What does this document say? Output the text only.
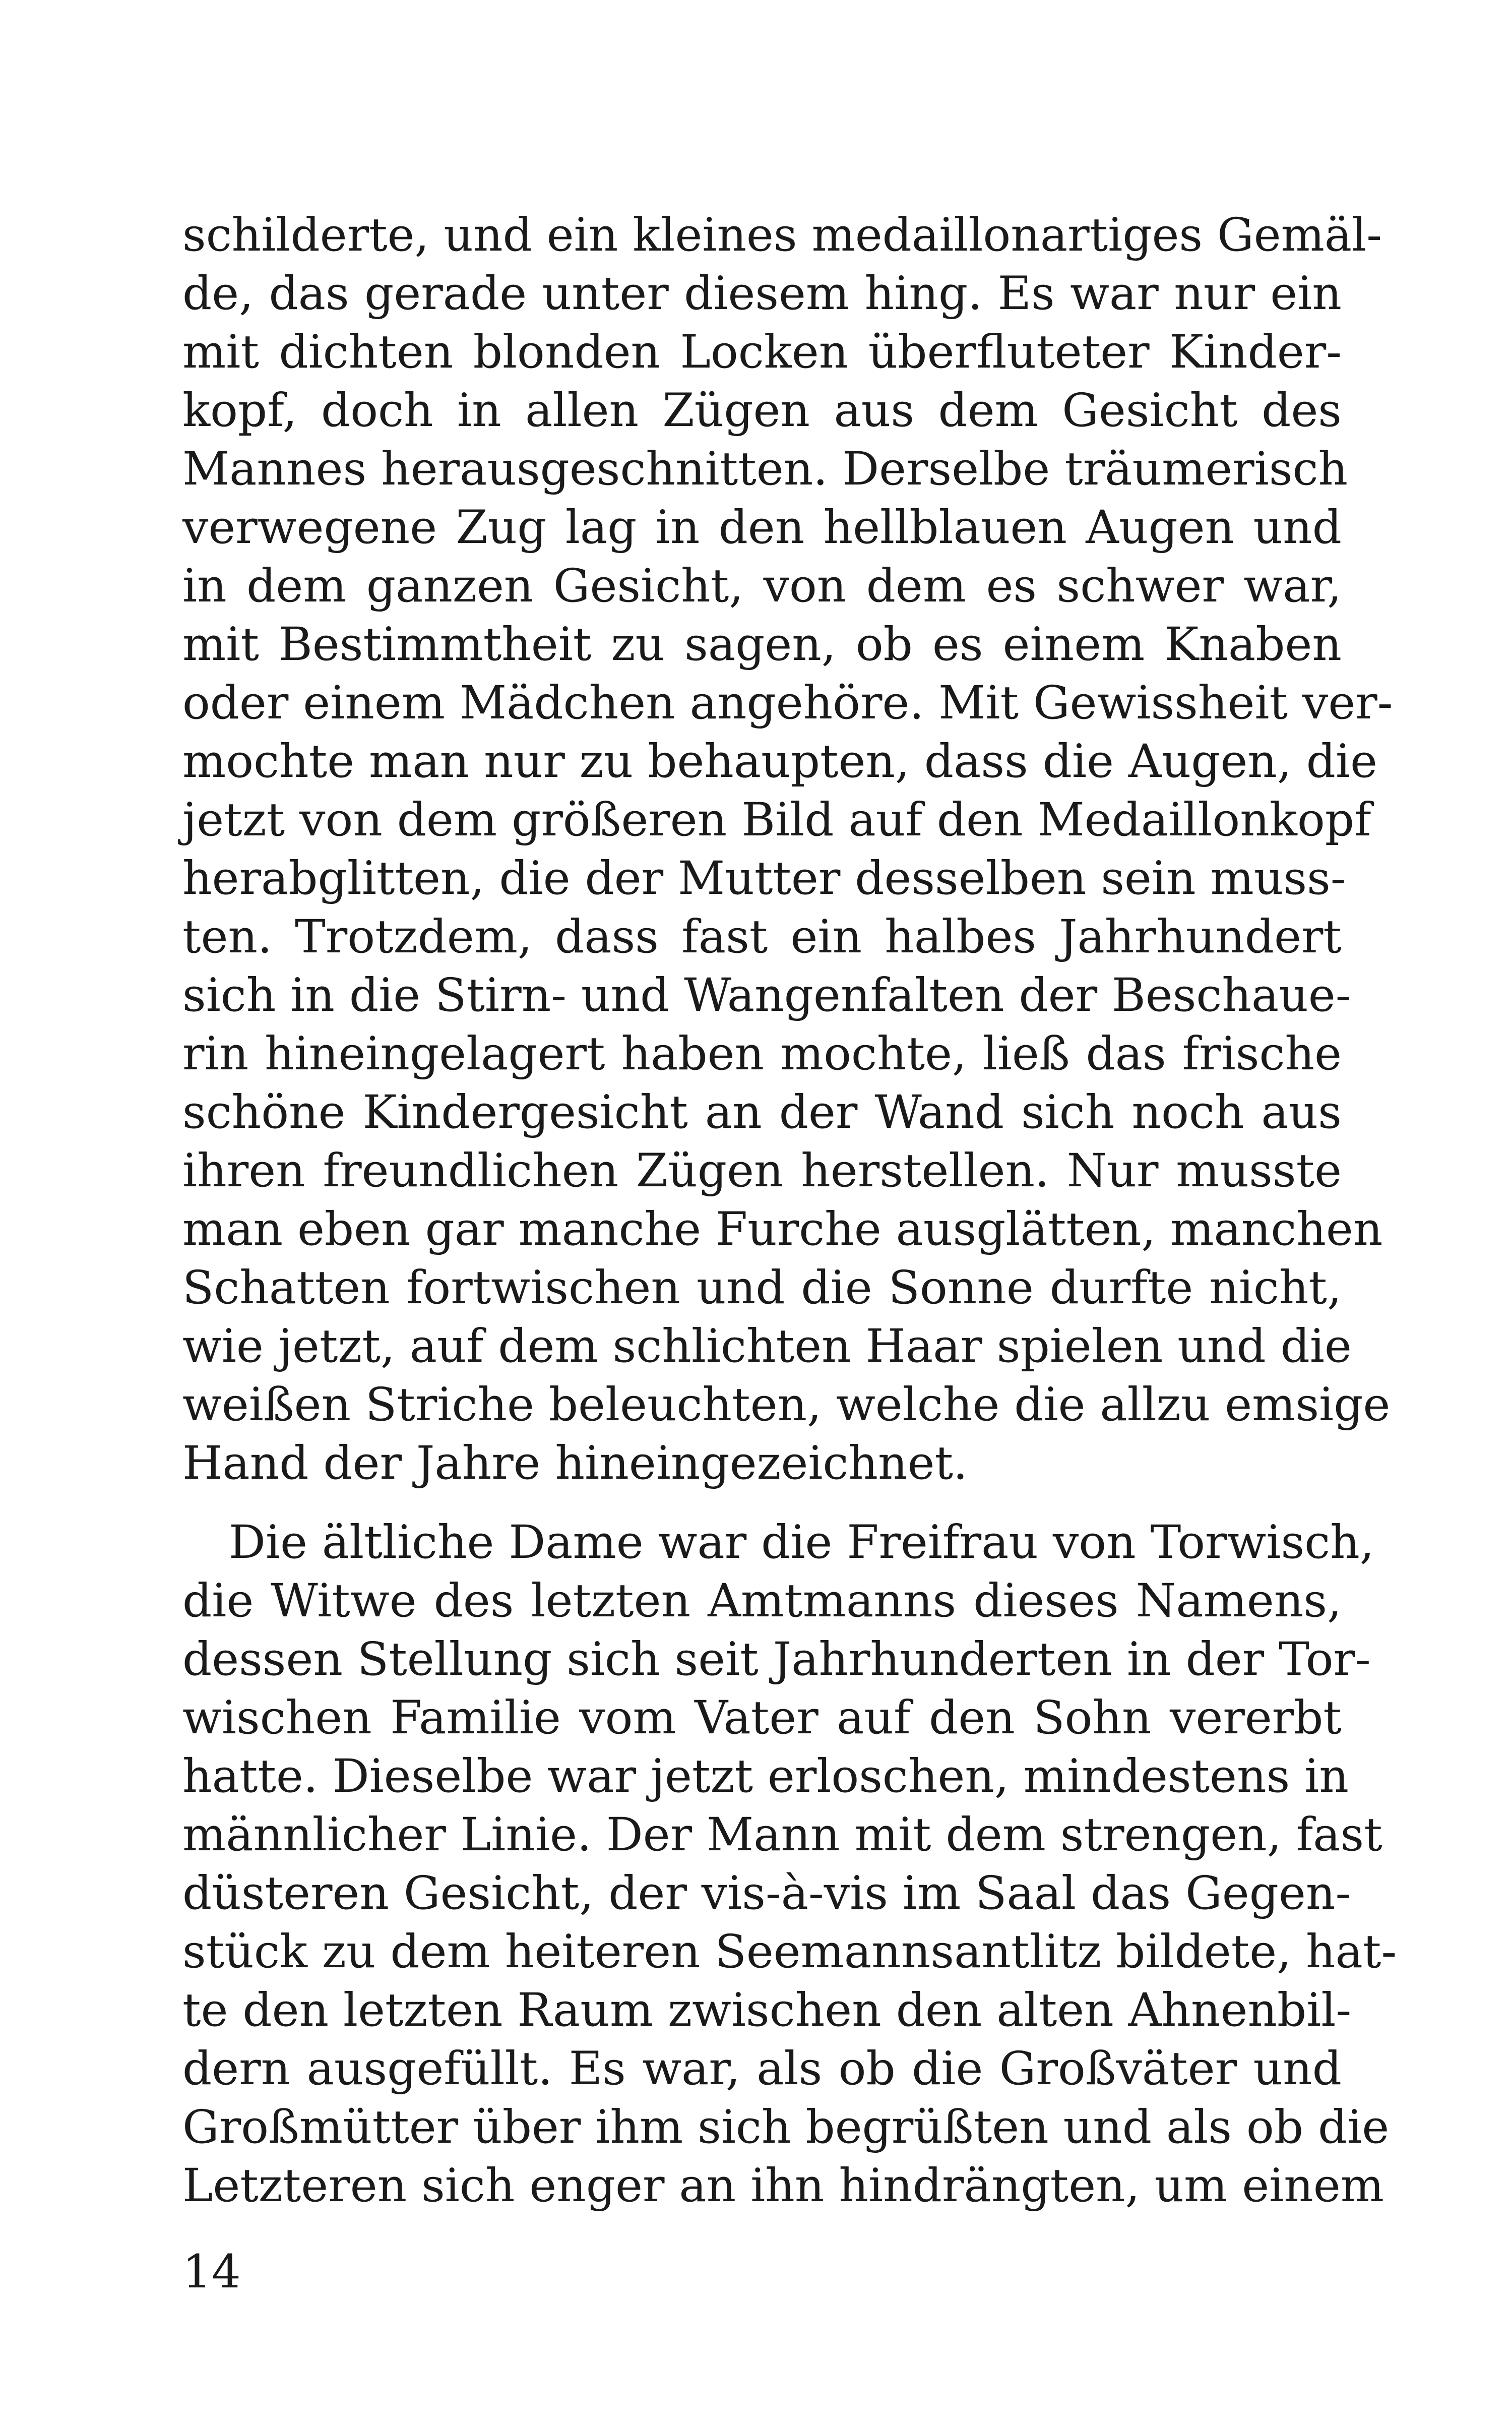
schilderte, und ein kleines medaillonartiges Gemäl-
de, das gerade unter diesem hing. Es war nur ein
mit dichten blonden Locken überfluteter Kinder-
kopf, doch in allen Zügen aus dem Gesicht des
Mannes herausgeschnitten. Derselbe träumerisch
verwegene Zug lag in den hellblauen Augen und
in dem ganzen Gesicht, von dem es schwer war,
mit Bestimmtheit zu sagen, ob es einem Knaben
oder einem Mädchen angehöre. Mit Gewissheit ver-
mochte man nur zu behaupten, dass die Augen, die
jetzt von dem größeren Bild auf den Medaillonkopf
herabglitten, die der Mutter desselben sein muss-
ten. Trotzdem, dass fast ein halbes Jahrhundert
sich in die Stirn- und Wangenfalten der Beschaue-
rin hineingelagert haben mochte, ließ das frische
schöne Kindergesicht an der Wand sich noch aus
ihren freundlichen Zügen herstellen. Nur musste
man eben gar manche Furche ausglätten, manchen
Schatten fortwischen und die Sonne durfte nicht,
wie jetzt, auf dem schlichten Haar spielen und die
weißen Striche beleuchten, welche die allzu emsige
Hand der Jahre hineingezeichnet.
Die ältliche Dame war die Freifrau von Torwisch,
die Witwe des letzten Amtmanns dieses Namens,
dessen Stellung sich seit Jahrhunderten in der Tor-
wischen Familie vom Vater auf den Sohn vererbt
hatte. Dieselbe war jetzt erloschen, mindestens in
männlicher Linie. Der Mann mit dem strengen, fast
düsteren Gesicht, der vis-à-vis im Saal das Gegen-
stück zu dem heiteren Seemannsantlitz bildete, hat-
te den letzten Raum zwischen den alten Ahnenbil-
dern ausgefüllt. Es war, als ob die Großväter und
Großmütter über ihm sich begrüßten und als ob die
Letzteren sich enger an ihn hindrängten, um einem
14
